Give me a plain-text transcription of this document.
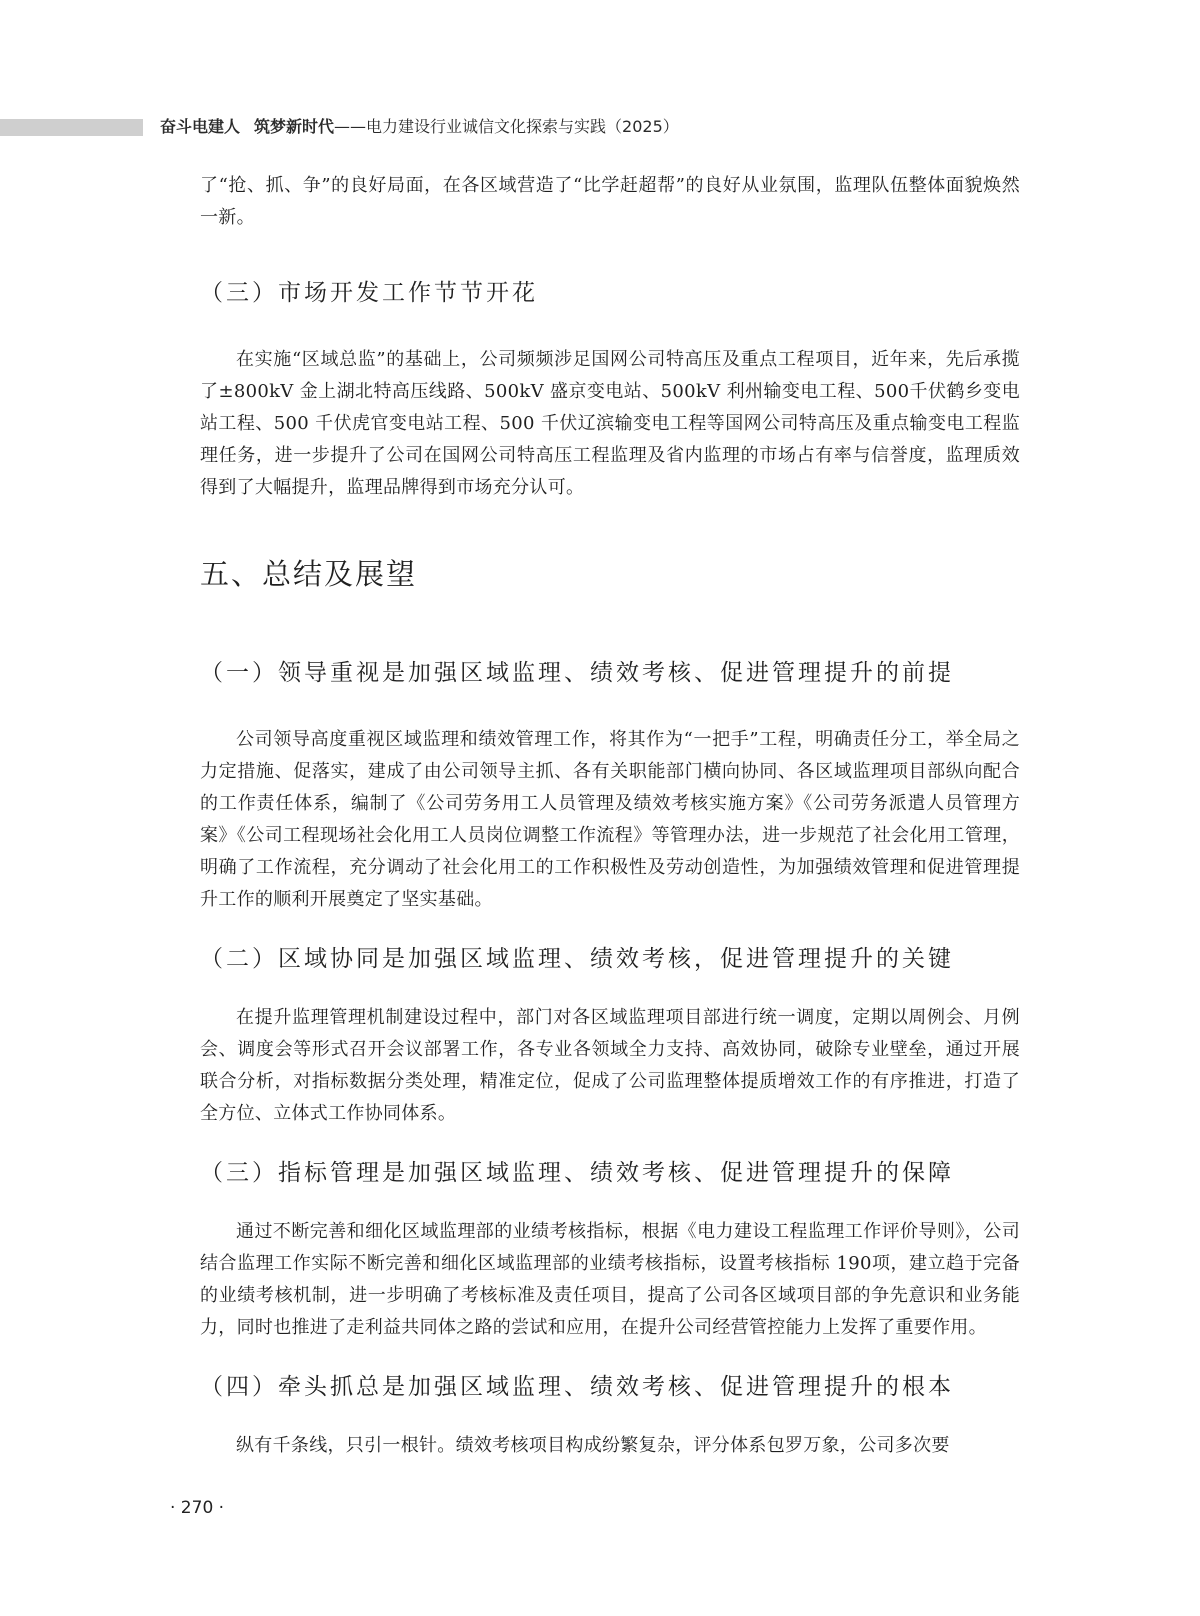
奋斗电建人 筑梦新时代——电力建设行业诚信文化探索与实践（2025）

了“抢、抓、争”的良好局面，在各区域营造了“比学赶超帮”的良好从业氛围，监理队伍整体面貌焕然一新。

（三）市场开发工作节节开花

在实施“区域总监”的基础上，公司频频涉足国网公司特高压及重点工程项目，近年来，先后承揽了±800kV 金上湖北特高压线路、500kV 盛京变电站、500kV 利州输变电工程、500千伏鹤乡变电站工程、500 千伏虎官变电站工程、500 千伏辽滨输变电工程等国网公司特高压及重点输变电工程监理任务，进一步提升了公司在国网公司特高压工程监理及省内监理的市场占有率与信誉度，监理质效得到了大幅提升，监理品牌得到市场充分认可。

五、总结及展望
（一）领导重视是加强区域监理、绩效考核、促进管理提升的前提

公司领导高度重视区域监理和绩效管理工作，将其作为“一把手”工程，明确责任分工，举全局之力定措施、促落实，建成了由公司领导主抓、各有关职能部门横向协同、各区域监理项目部纵向配合的工作责任体系，编制了《公司劳务用工人员管理及绩效考核实施方案》《公司劳务派遣人员管理方案》《公司工程现场社会化用工人员岗位调整工作流程》等管理办法，进一步规范了社会化用工管理，明确了工作流程，充分调动了社会化用工的工作积极性及劳动创造性，为加强绩效管理和促进管理提升工作的顺利开展奠定了坚实基础。

（二）区域协同是加强区域监理、绩效考核，促进管理提升的关键

在提升监理管理机制建设过程中，部门对各区域监理项目部进行统一调度，定期以周例会、月例会、调度会等形式召开会议部署工作，各专业各领域全力支持、高效协同，破除专业壁垒，通过开展联合分析，对指标数据分类处理，精准定位，促成了公司监理整体提质增效工作的有序推进，打造了全方位、立体式工作协同体系。

（三）指标管理是加强区域监理、绩效考核、促进管理提升的保障

通过不断完善和细化区域监理部的业绩考核指标，根据《电力建设工程监理工作评价导则》，公司结合监理工作实际不断完善和细化区域监理部的业绩考核指标，设置考核指标 190项，建立趋于完备的业绩考核机制，进一步明确了考核标准及责任项目，提高了公司各区域项目部的争先意识和业务能力，同时也推进了走利益共同体之路的尝试和应用，在提升公司经营管控能力上发挥了重要作用。

（四）牵头抓总是加强区域监理、绩效考核、促进管理提升的根本

纵有千条线，只引一根针。绩效考核项目构成纷繁复杂，评分体系包罗万象，公司多次要

· 270 ·
